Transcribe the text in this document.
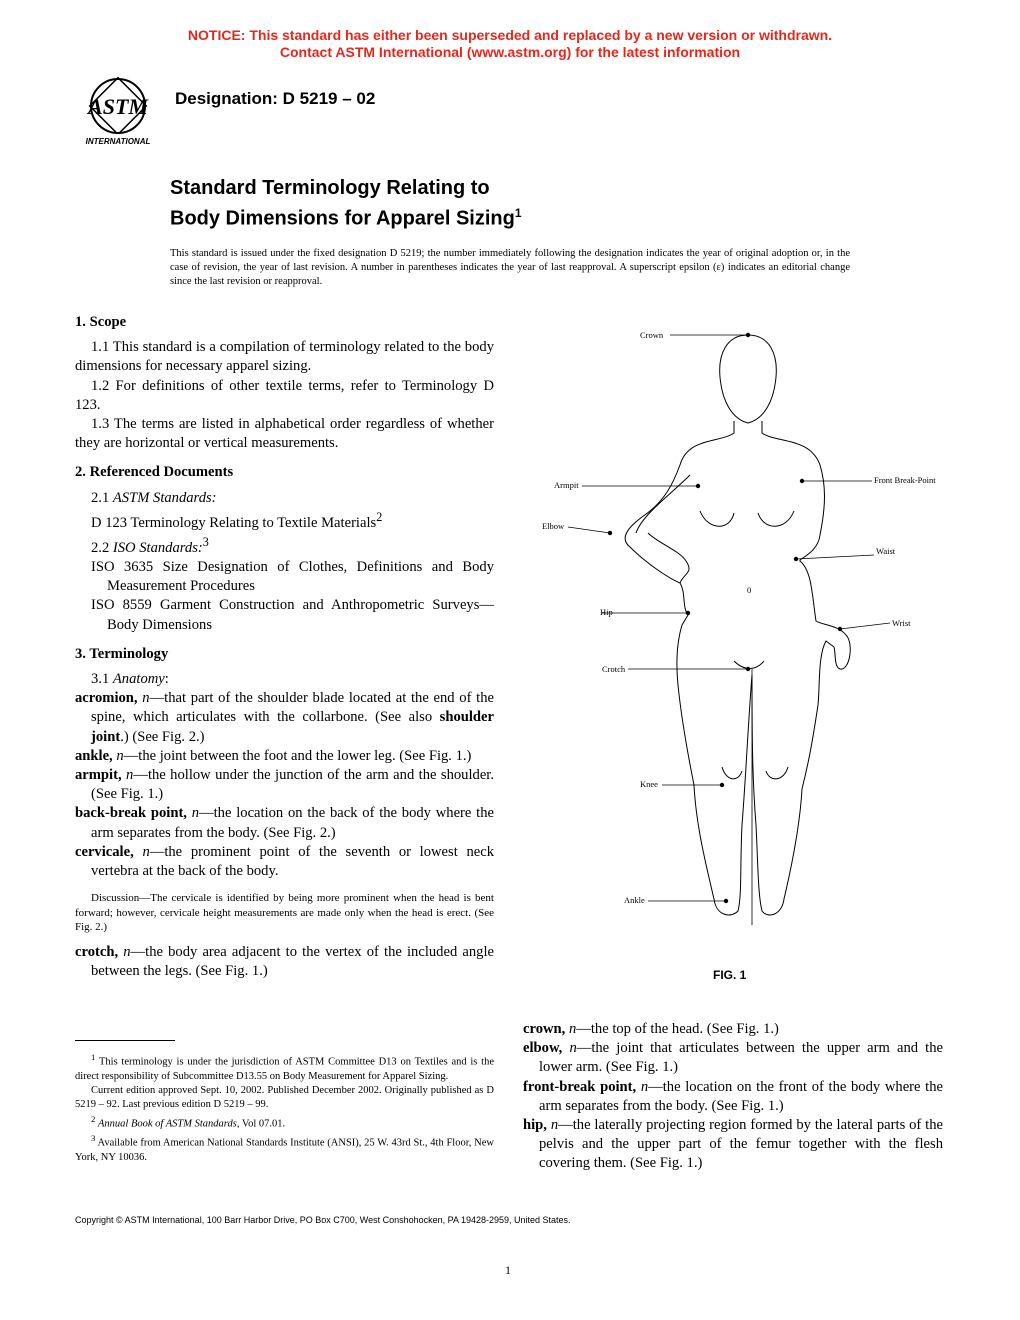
NOTICE: This standard has either been superseded and replaced by a new version or withdrawn.
Contact ASTM International (www.astm.org) for the latest information
ASTM
INTERNATIONAL
Designation: D 5219 – 02
Standard Terminology Relating to
Body Dimensions for Apparel Sizing$^1$
This standard is issued under the fixed designation D 5219; the number immediately following the designation indicates the year of original adoption or, in the case of revision, the year of last revision. A number in parentheses indicates the year of last reapproval. A superscript epsilon (ε) indicates an editorial change since the last revision or reapproval.
1. Scope

1.1 This standard is a compilation of terminology related to the body dimensions for necessary apparel sizing.

1.2 For definitions of other textile terms, refer to Terminology D 123.

1.3 The terms are listed in alphabetical order regardless of whether they are horizontal or vertical measurements.

2. Referenced Documents

2.1 ASTM Standards:

D 123 Terminology Relating to Textile Materials$^2$

2.2 ISO Standards:$^3$

ISO 3635 Size Designation of Clothes, Definitions and Body Measurement Procedures

ISO 8559 Garment Construction and Anthropometric Surveys—Body Dimensions

3. Terminology

3.1 Anatomy:

acromion, n—that part of the shoulder blade located at the end of the spine, which articulates with the collarbone. (See also shoulder joint.) (See Fig. 2.)

ankle, n—the joint between the foot and the lower leg. (See Fig. 1.)

armpit, n—the hollow under the junction of the arm and the shoulder. (See Fig. 1.)

back-break point, n—the location on the back of the body where the arm separates from the body. (See Fig. 2.)

cervicale, n—the prominent point of the seventh or lowest neck vertebra at the back of the body.

Discussion—The cervicale is identified by being more prominent when the head is bent forward; however, cervicale height measurements are made only when the head is erect. (See Fig. 2.)

crotch, n—the body area adjacent to the vertex of the included angle between the legs. (See Fig. 1.)

$^1$ This terminology is under the jurisdiction of ASTM Committee D13 on Textiles and is the direct responsibility of Subcommittee D13.55 on Body Measurement for Apparel Sizing.

Current edition approved Sept. 10, 2002. Published December 2002. Originally published as D 5219 – 92. Last previous edition D 5219 – 99.

$^2$ Annual Book of ASTM Standards, Vol 07.01.

$^3$ Available from American National Standards Institute (ANSI), 25 W. 43rd St., 4th Floor, New York, NY 10036.

Crown
Armpit
Elbow
Hip
Crotch
Knee
Ankle
Front Break-Point
Waist
Wrist
0
FIG. 1

crown, n—the top of the head. (See Fig. 1.)

elbow, n—the joint that articulates between the upper arm and the lower arm. (See Fig. 1.)

front-break point, n—the location on the front of the body where the arm separates from the body. (See Fig. 1.)

hip, n—the laterally projecting region formed by the lateral parts of the pelvis and the upper part of the femur together with the flesh covering them. (See Fig. 1.)

Copyright © ASTM International, 100 Barr Harbor Drive, PO Box C700, West Conshohocken, PA 19428-2959, United States.
1
